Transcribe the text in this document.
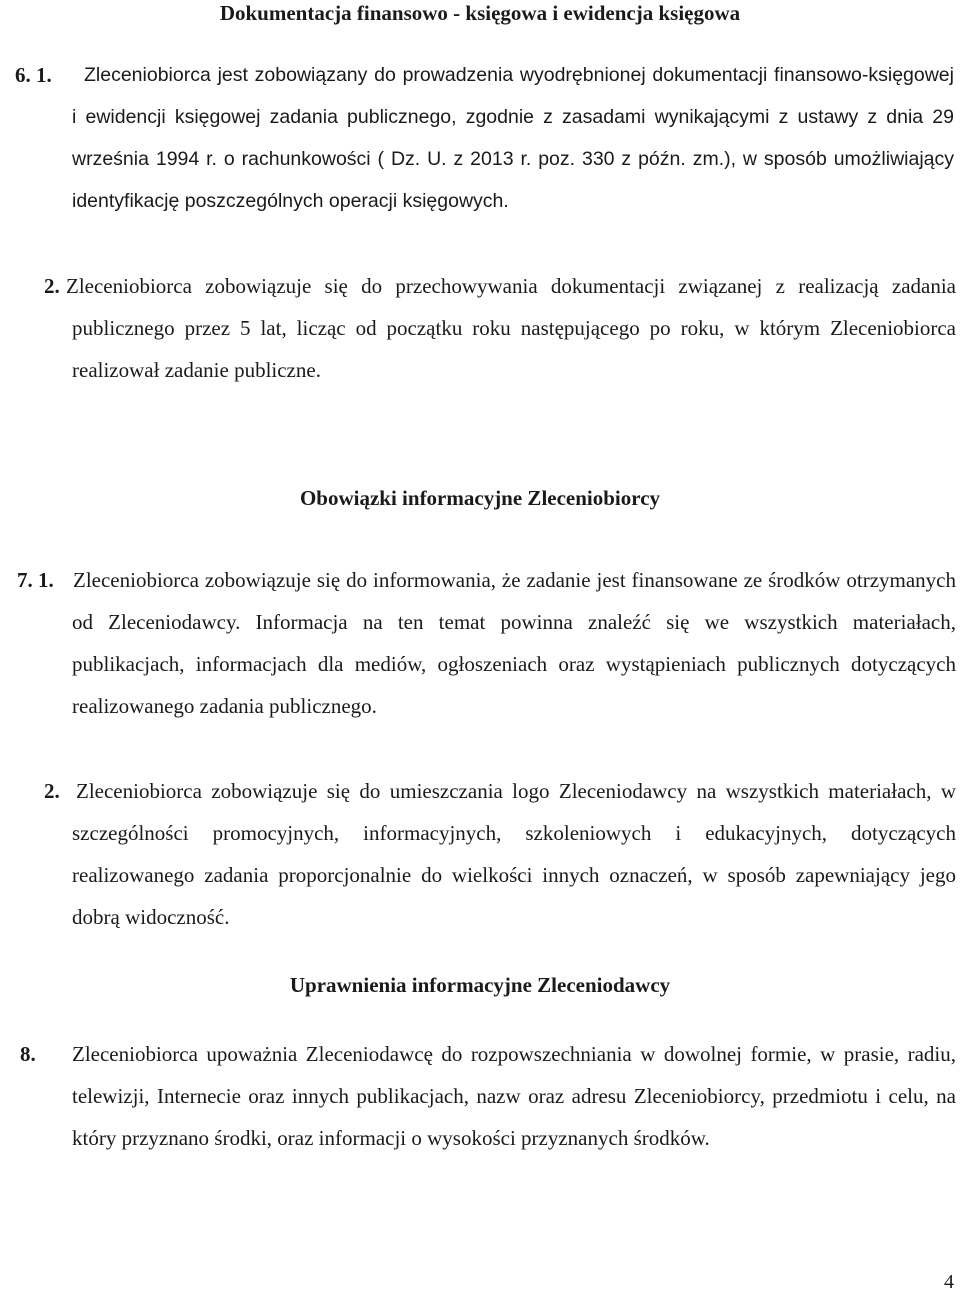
Dokumentacja finansowo - księgowa i ewidencja księgowa
6. 1.	Zleceniobiorca jest zobowiązany do prowadzenia wyodrębnionej dokumentacji finansowo-księgowej i ewidencji księgowej zadania publicznego, zgodnie z zasadami wynikającymi z ustawy z dnia 29 września 1994 r. o rachunkowości ( Dz. U. z 2013 r. poz. 330 z późn. zm.), w sposób umożliwiający identyfikację poszczególnych operacji księgowych.

2. Zleceniobiorca zobowiązuje się do przechowywania dokumentacji związanej z realizacją zadania publicznego przez 5 lat, licząc od początku roku następującego po roku, w którym Zleceniobiorca realizował zadanie publiczne.

Obowiązki informacyjne Zleceniobiorcy
7. 1. Zleceniobiorca zobowiązuje się do informowania, że zadanie jest finansowane ze środków otrzymanych od Zleceniodawcy. Informacja na ten temat powinna znaleźć się we wszystkich materiałach, publikacjach, informacjach dla mediów, ogłoszeniach oraz wystąpieniach publicznych dotyczących realizowanego zadania publicznego.

2. Zleceniobiorca zobowiązuje się do umieszczania logo Zleceniodawcy na wszystkich materiałach, w szczególności promocyjnych, informacyjnych, szkoleniowych i edukacyjnych, dotyczących realizowanego zadania proporcjonalnie do wielkości innych oznaczeń, w sposób zapewniający jego dobrą widoczność.

Uprawnienia informacyjne Zleceniodawcy
8. Zleceniobiorca upoważnia Zleceniodawcę do rozpowszechniania w dowolnej formie, w prasie, radiu, telewizji, Internecie oraz innych publikacjach, nazw oraz adresu Zleceniobiorcy, przedmiotu i celu, na który przyznano środki, oraz informacji o wysokości przyznanych środków.

4
